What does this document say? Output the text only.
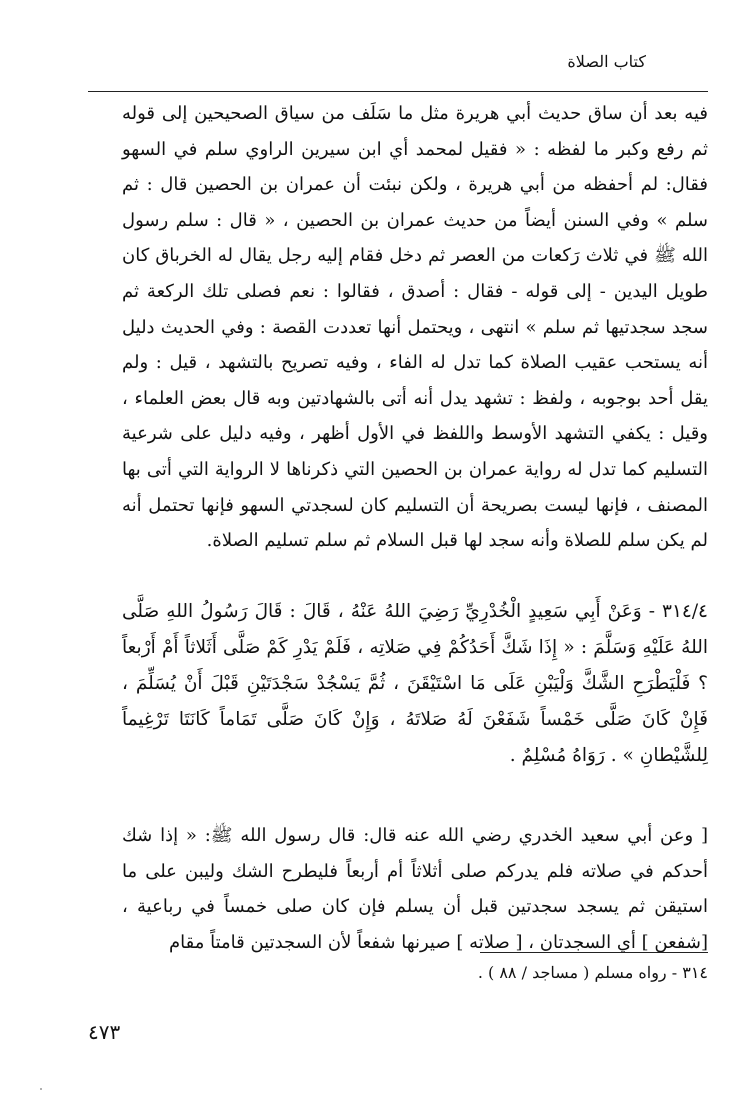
كتاب الصلاة
فيه بعد أن ساق حديث أبي هريرة مثل ما سَلَف من سياق الصحيحين إلى قوله ثم رفع وكبر ما لفظه : « فقيل لمحمد أي ابن سيرين الراوي سلم في السهو فقال: لم أحفظه من أبي هريرة ، ولكن نبئت أن عمران بن الحصين قال : ثم سلم » وفي السنن أيضاً من حديث عمران بن الحصين ، « قال : سلم رسول الله ﷺ في ثلاث رَكعات من العصر ثم دخل فقام إليه رجل يقال له الخرباق كان طويل اليدين - إلى قوله - فقال : أصدق ، فقالوا : نعم فصلى تلك الركعة ثم سجد سجدتيها ثم سلم » انتهى ، ويحتمل أنها تعددت القصة : وفي الحديث دليل أنه يستحب عقيب الصلاة كما تدل له الفاء ، وفيه تصريح بالتشهد ، قيل : ولم يقل أحد بوجوبه ، ولفظ : تشهد يدل أنه أتى بالشهادتين وبه قال بعض العلماء ، وقيل : يكفي التشهد الأوسط واللفظ في الأول أظهر ، وفيه دليل على شرعية التسليم كما تدل له رواية عمران بن الحصين التي ذكرناها لا الرواية التي أتى بها المصنف ، فإنها ليست بصريحة أن التسليم كان لسجدتي السهو فإنها تحتمل أنه لم يكن سلم للصلاة وأنه سجد لها قبل السلام ثم سلم تسليم الصلاة.
٣١٤/٤ - وَعَنْ أَبِي سَعِيدٍ الْخُدْرِيِّ رَضِيَ اللهُ عَنْهُ ، قَالَ : قَالَ رَسُولُ اللهِ صَلَّى اللهُ عَلَيْهِ وَسَلَّمَ : « إِذَا شَكَّ أَحَدُكُمْ فِي صَلاتِه ، فَلَمْ يَدْرِ كَمْ صَلَّى أَثَلاثاً أَمْ أَرْبعاً ؟ فَلْيَطْرَحِ الشَّكَّ وَلْيَبْنِ عَلَى مَا اسْتَيْقَنَ ، ثُمَّ يَسْجُدْ سَجْدَتَيْنِ قَبْلَ أَنْ يُسَلِّمَ ، فَإِنْ كَانَ صَلَّى خَمْساً شَفَعْنَ لَهُ صَلاتَهُ ، وَإِنْ كَانَ صَلَّى تَمَاماً كَانَتَا تَرْغِيماً لِلشَّيْطانِ » . رَوَاهُ مُسْلِمٌ .
[ وعن أبي سعيد الخدري رضي الله عنه قال: قال رسول الله ﷺ: « إذا شك أحدكم في صلاته فلم يدركم صلى أثلاثاً أم أربعاً فليطرح الشك وليبن على ما استيقن ثم يسجد سجدتين قبل أن يسلم فإن كان صلى خمساً في رباعية ، [شفعن ] أي السجدتان ، [ صلاته ] صيرنها شفعاً لأن السجدتين قامتاً مقام
٣١٤ - رواه مسلم ( مساجد / ٨٨ ) .
٤٧٣
